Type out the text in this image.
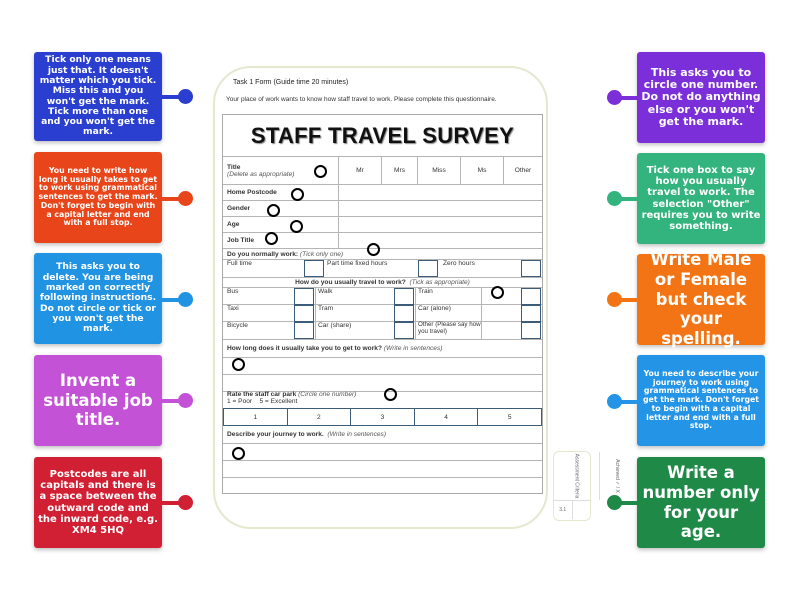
Tick only one means just that. It doesn't matter which you tick. Miss this and you won't get the mark. Tick more than one and you won't get the mark.
You need to write how long it usually takes to get to work using grammatical sentences to get the mark. Don't forget to begin with a capital letter and end with a full stop.
This asks you to delete. You are being marked on correctly following instructions. Do not circle or tick or you won't get the mark.
Invent a suitable job title.
Postcodes are all capitals and there is a space between the outward code and the inward code, e.g. XM4 5HQ
This asks you to circle one number. Do not do anything else or you won't get the mark.
Tick one box to say how you usually travel to work. The selection "Other" requires you to write something.
Write Male or Female but check your spelling.
You need to describe your journey to work using grammatical sentences to get the mark. Don't forget to begin with a capital letter and end with a full stop.
Write a number only for your age.
Task 1 Form (Guide time 20 minutes)
Your place of work wants to know how staff travel to work. Please complete this questionnaire.
STAFF TRAVEL SURVEY
Title
(Delete as appropriate)	Mr	Mrs	Miss	Ms	Other
Home Postcode
Gender
Age
Job Title
Do you normally work:
(Tick only one)
Full time	Part time fixed hours	Zero hours
How do you usually travel to work?
(Tick as appropriate)
Bus	Walk	Train
Taxi	Tram	Car (alone)
Bicycle	Car (share)	Other (Please say how you travel)
How long does it usually take you to get to work?
(Write in sentences)
Rate the staff car park (Circle one number)
1 = Poor    5 = Excellent
1	2	3	4	5
Describe your journey to work.
(Write in sentences)
Assessment Criteria	Achieved ✓ / X
3.1
